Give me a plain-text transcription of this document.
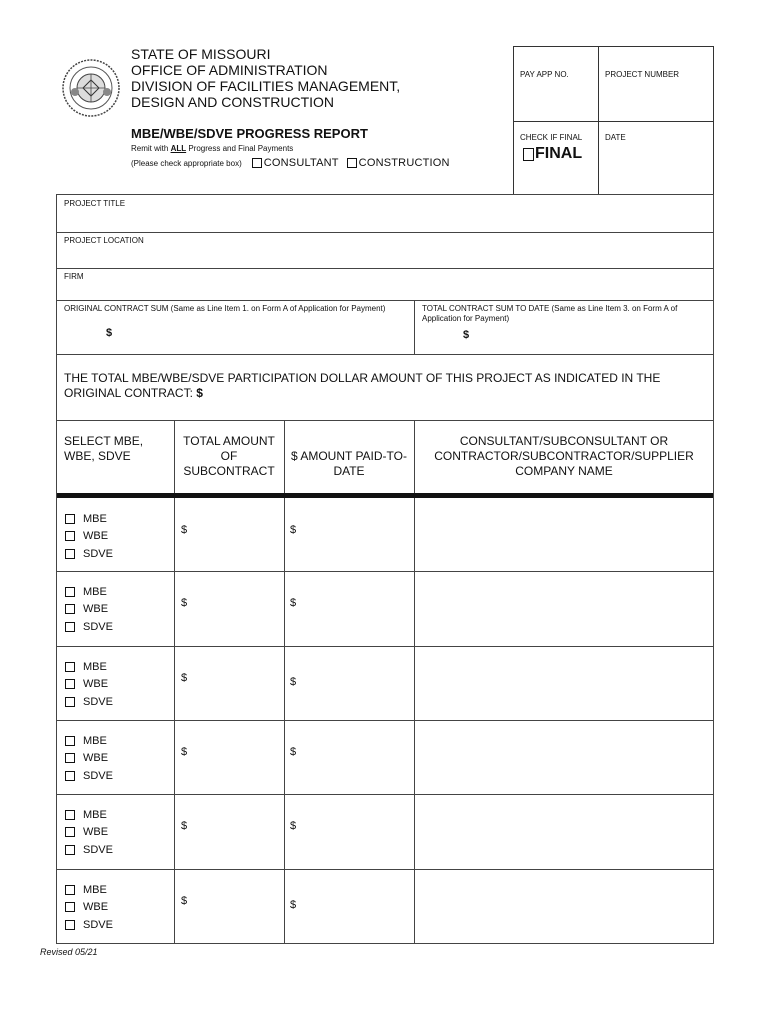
STATE OF MISSOURI
OFFICE OF ADMINISTRATION
DIVISION OF FACILITIES MANAGEMENT,
DESIGN AND CONSTRUCTION
MBE/WBE/SDVE PROGRESS REPORT
Remit with ALL Progress and Final Payments
(Please check appropriate box) CONSULTANT CONSTRUCTION
PAY APP NO.	PROJECT NUMBER
CHECK IF FINAL	DATE
FINAL
PROJECT TITLE
PROJECT LOCATION
FIRM
ORIGINAL CONTRACT SUM (Same as Line Item 1. on Form A of Application for Payment)
$
TOTAL CONTRACT SUM TO DATE (Same as Line Item 3. on Form A of Application for Payment)
$
THE TOTAL MBE/WBE/SDVE PARTICIPATION DOLLAR AMOUNT OF THIS PROJECT AS INDICATED IN THE ORIGINAL CONTRACT: $
SELECT MBE, WBE, SDVE
TOTAL AMOUNT OF SUBCONTRACT
$ AMOUNT PAID-TO-DATE
CONSULTANT/SUBCONSULTANT OR CONTRACTOR/SUBCONTRACTOR/SUPPLIER COMPANY NAME
MBE
WBE
SDVE
$	$
MBE
WBE
SDVE
$	$
MBE
WBE
SDVE
$	$
MBE
WBE
SDVE
$	$
MBE
WBE
SDVE
$	$
MBE
WBE
SDVE
$	$
Revised 05/21
